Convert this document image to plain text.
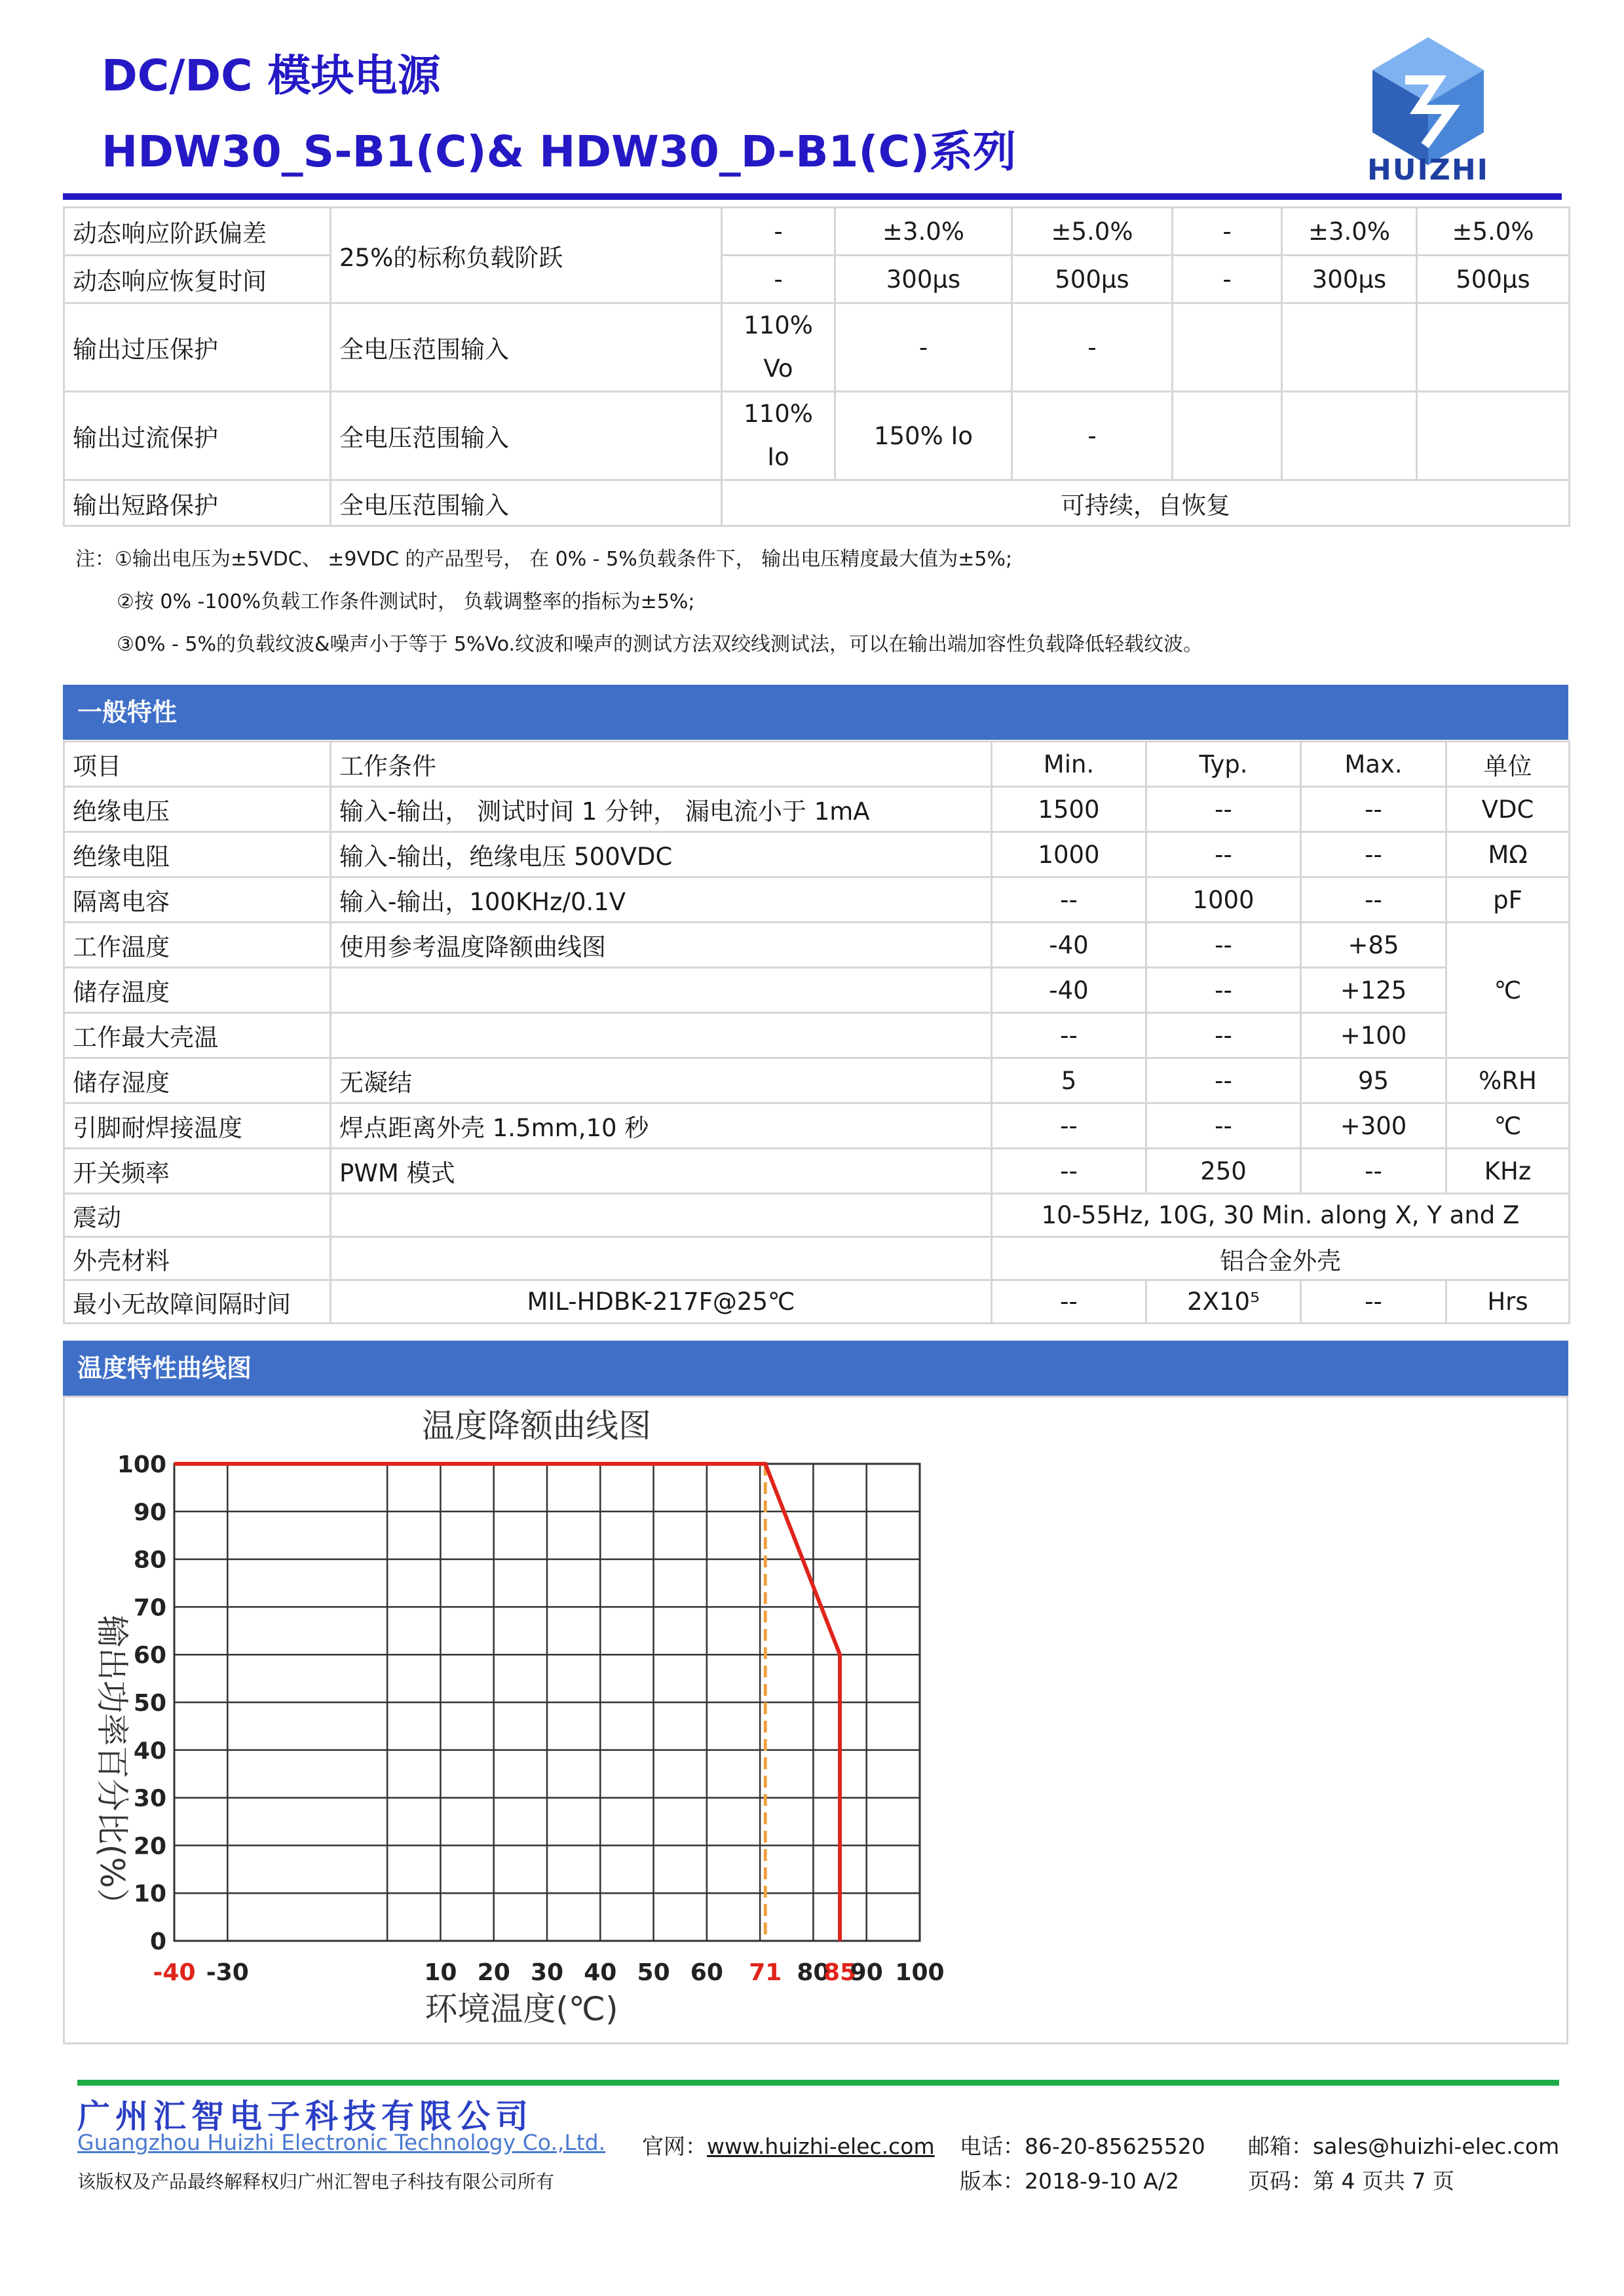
DC/DC 模块电源
HDW30_S-B1(C)& HDW30_D-B1(C)系列	HUIZHI
动态响应阶跃偏差	25%的标称负载阶跃	-	±3.0%	±5.0%	-	±3.0%	±5.0%
动态响应恢复时间		-	300μs	500μs	-	300μs	500μs
输出过压保护	全电压范围输入	110% Vo	-	-			
输出过流保护	全电压范围输入	110% Io	150% Io	-			
输出短路保护	全电压范围输入	可持续，自恢复					
注：①输出电压为±5VDC、 ±9VDC 的产品型号， 在 0% - 5%负载条件下， 输出电压精度最大值为±5%;
②按 0% -100%负载工作条件测试时， 负载调整率的指标为±5%;
③0% - 5%的负载纹波&噪声小于等于 5%Vo.纹波和噪声的测试方法双绞线测试法，可以在输出端加容性负载降低轻载纹波。
一般特性
项目	工作条件	Min.	Typ.	Max.	单位
绝缘电压	输入-输出， 测试时间 1 分钟， 漏电流小于 1mA	1500	--	--	VDC
绝缘电阻	输入-输出，绝缘电压 500VDC	1000	--	--	MΩ
隔离电容	输入-输出，100KHz/0.1V	--	1000	--	pF
工作温度	使用参考温度降额曲线图	-40	--	+85	℃
储存温度		-40	--	+125	
工作最大壳温		--	--	+100	
储存湿度	无凝结	5	--	95	%RH
引脚耐焊接温度	焊点距离外壳 1.5mm,10 秒	--	--	+300	℃
开关频率	PWM 模式	--	250	--	KHz
震动		10-55Hz, 10G, 30 Min. along X, Y and Z			
外壳材料		铝合金外壳			
最小无故障间隔时间	MIL-HDBK-217F@25℃	--	2X10⁵	--	Hrs
温度特性曲线图
0
10
20
30
40
50
60
70
80
90
100
-40 -30	10 20 30 40 50 60 71 80
85
90 100
温度降额曲线图
环境温度(℃)
输出功率百分比(%）
广州汇智电子科技有限公司
Guangzhou Huizhi Electronic Technology Co.,Ltd.
该版权及产品最终解释权归广州汇智电子科技有限公司所有
官网：www.huizhi-elec.com 电话：86-20-85625520 邮箱：sales@huizhi-elec.com
版本：2018-9-10 A/2	页码：第 4 页共 7 页
